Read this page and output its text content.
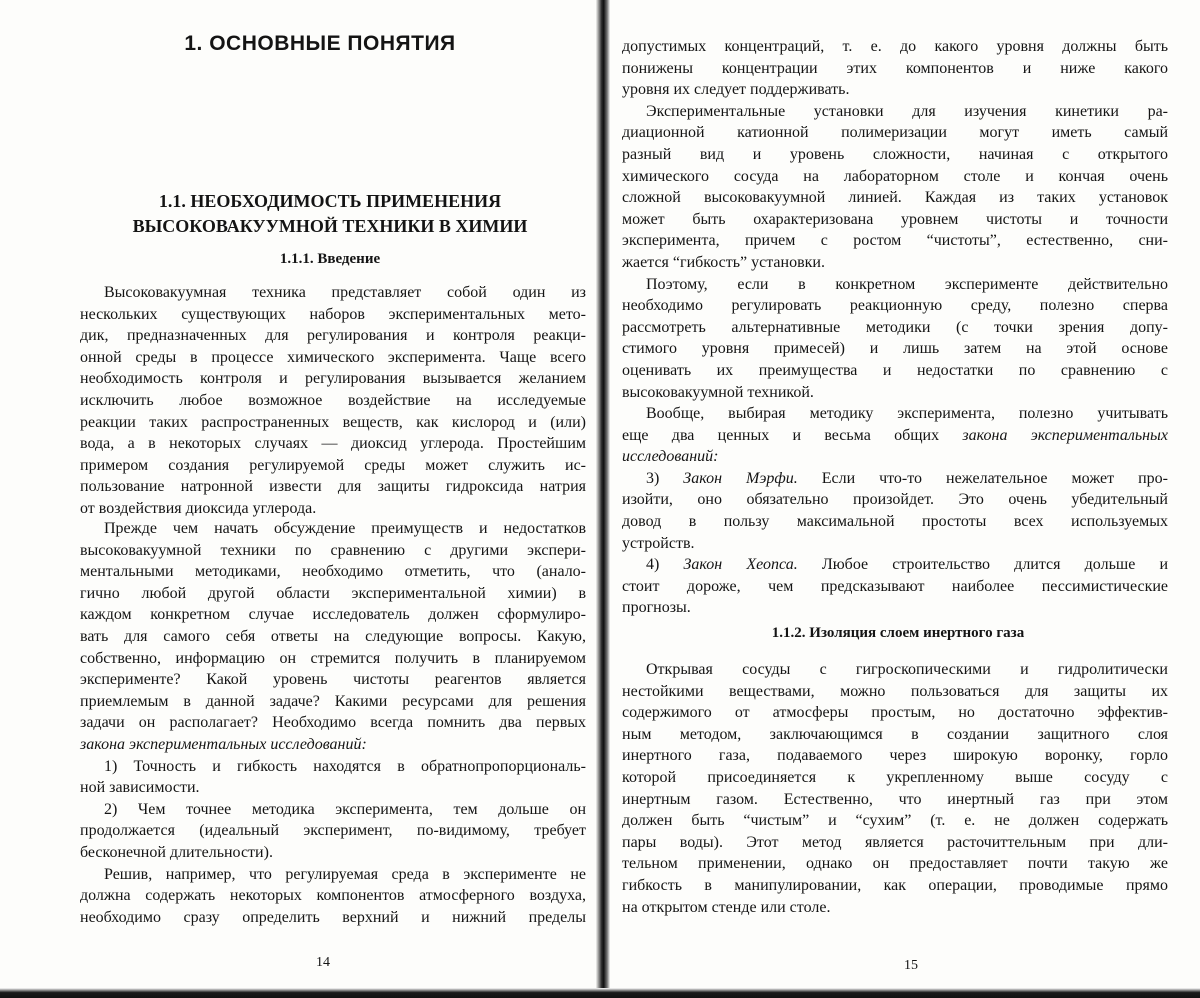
1. ОСНОВНЫЕ ПОНЯТИЯ
1.1. НЕОБХОДИМОСТЬ ПРИМЕНЕНИЯ
ВЫСОКОВАКУУМНОЙ ТЕХНИКИ В ХИМИИ
1.1.1. Введение
Высоковакуумная техника представляет собой один из
нескольких существующих наборов экспериментальных мето-
дик, предназначенных для регулирования и контроля реакци-
онной среды в процессе химического эксперимента. Чаще всего
необходимость контроля и регулирования вызывается желанием
исключить любое возможное воздействие на исследуемые
реакции таких распространенных веществ, как кислород и (или)
вода, а в некоторых случаях — диоксид углерода. Простейшим
примером создания регулируемой среды может служить ис-
пользование натронной извести для защиты гидроксида натрия
от воздействия диоксида углерода.
Прежде чем начать обсуждение преимуществ и недостатков
высоковакуумной техники по сравнению с другими экспери-
ментальными методиками, необходимо отметить, что (анало-
гично любой другой области экспериментальной химии) в
каждом конкретном случае исследователь должен сформулиро-
вать для самого себя ответы на следующие вопросы. Какую,
собственно, информацию он стремится получить в планируемом
эксперименте? Какой уровень чистоты реагентов является
приемлемым в данной задаче? Какими ресурсами для решения
задачи он располагает? Необходимо всегда помнить два первых
закона экспериментальных исследований:
1) Точность и гибкость находятся в обратнопропорциональ-
ной зависимости.
2) Чем точнее методика эксперимента, тем дольше он
продолжается (идеальный эксперимент, по-видимому, требует
бесконечной длительности).
Решив, например, что регулируемая среда в эксперименте не
должна содержать некоторых компонентов атмосферного воздуха,
необходимо сразу определить верхний и нижний пределы
14
допустимых концентраций, т. е. до какого уровня должны быть
понижены концентрации этих компонентов и ниже какого
уровня их следует поддерживать.
Экспериментальные установки для изучения кинетики ра-
диационной катионной полимеризации могут иметь самый
разный вид и уровень сложности, начиная с открытого
химического сосуда на лабораторном столе и кончая очень
сложной высоковакуумной линией. Каждая из таких установок
может быть охарактеризована уровнем чистоты и точности
эксперимента, причем с ростом “чистоты”, естественно, сни-
жается “гибкость” установки.
Поэтому, если в конкретном эксперименте действительно
необходимо регулировать реакционную среду, полезно сперва
рассмотреть альтернативные методики (с точки зрения допу-
стимого уровня примесей) и лишь затем на этой основе
оценивать их преимущества и недостатки по сравнению с
высоковакуумной техникой.
Вообще, выбирая методику эксперимента, полезно учитывать
еще два ценных и весьма общих закона экспериментальных
исследований:
3) Закон Мэрфи. Если что-то нежелательное может про-
изойти, оно обязательно произойдет. Это очень убедительный
довод в пользу максимальной простоты всех используемых
устройств.
4) Закон Хеопса. Любое строительство длится дольше и
стоит дороже, чем предсказывают наиболее пессимистические
прогнозы.
1.1.2. Изоляция слоем инертного газа
Открывая сосуды с гигроскопическими и гидролитически
нестойкими веществами, можно пользоваться для защиты их
содержимого от атмосферы простым, но достаточно эффектив-
ным методом, заключающимся в создании защитного слоя
инертного газа, подаваемого через широкую воронку, горло
которой присоединяется к укрепленному выше сосуду с
инертным газом. Естественно, что инертный газ при этом
должен быть “чистым” и “сухим” (т. е. не должен содержать
пары воды). Этот метод является расточиттельным при дли-
тельном применении, однако он предоставляет почти такую же
гибкость в манипулировании, как операции, проводимые прямо
на открытом стенде или столе.
15
